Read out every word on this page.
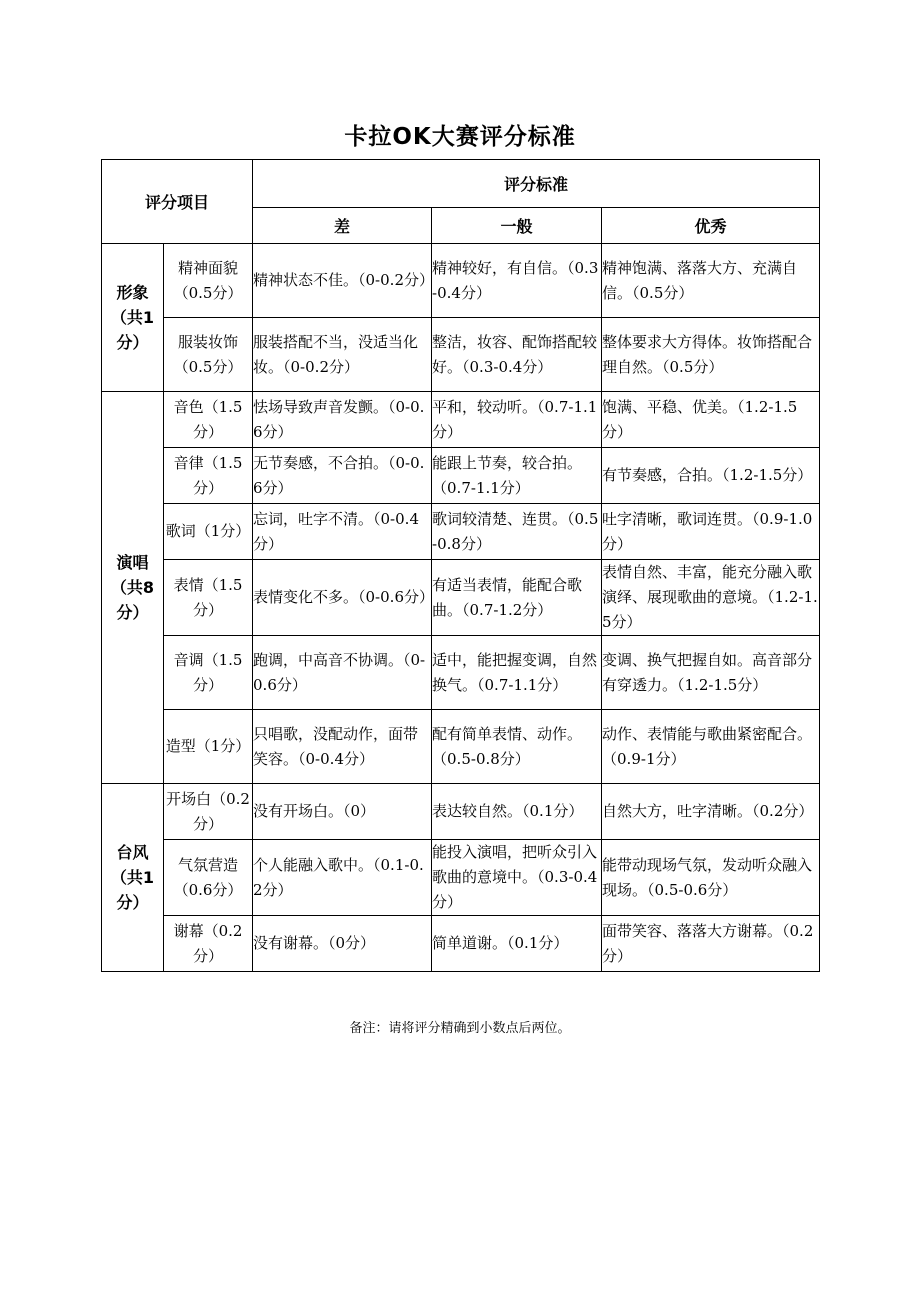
卡拉OK大赛评分标准
评分项目		评分标准		
		差	一般	优秀
形象（共1分）	精神面貌（0.5分）	精神状态不佳。（0-0.2分）	精神较好，有自信。（0.3-0.4分）	精神饱满、落落大方、充满自信。（0.5分）
	服装妆饰（0.5分）	服装搭配不当，没适当化妆。（0-0.2分）	整洁，妆容、配饰搭配较好。（0.3-0.4分）	整体要求大方得体。妆饰搭配合理自然。（0.5分）
演唱（共8分）	音色（1.5分）	怯场导致声音发颤。（0-0.6分）	平和，较动听。（0.7-1.1分）	饱满、平稳、优美。（1.2-1.5分）
	音律（1.5分）	无节奏感，不合拍。（0-0.6分）	能跟上节奏，较合拍。（0.7-1.1分）	有节奏感，合拍。（1.2-1.5分）
	歌词（1分）	忘词，吐字不清。（0-0.4分）	歌词较清楚、连贯。（0.5-0.8分）	吐字清晰，歌词连贯。（0.9-1.0分）
	表情（1.5分）	表情变化不多。（0-0.6分）	有适当表情，能配合歌曲。（0.7-1.2分）	表情自然、丰富，能充分融入歌演绎、展现歌曲的意境。（1.2-1.5分）
	音调（1.5分）	跑调，中高音不协调。（0-0.6分）	适中，能把握变调，自然换气。（0.7-1.1分）	变调、换气把握自如。高音部分有穿透力。（1.2-1.5分）
	造型（1分）	只唱歌，没配动作，面带笑容。（0-0.4分）	配有简单表情、动作。（0.5-0.8分）	动作、表情能与歌曲紧密配合。（0.9-1分）
台风（共1分）	开场白（0.2分）	没有开场白。（0）	表达较自然。（0.1分）	自然大方，吐字清晰。（0.2分）
	气氛营造（0.6分）	个人能融入歌中。（0.1-0.2分）	能投入演唱，把听众引入歌曲的意境中。（0.3-0.4分）	能带动现场气氛，发动听众融入现场。（0.5-0.6分）
	谢幕（0.2分）	没有谢幕。（0分）	简单道谢。（0.1分）	面带笑容、落落大方谢幕。（0.2分）
备注：请将评分精确到小数点后两位。
